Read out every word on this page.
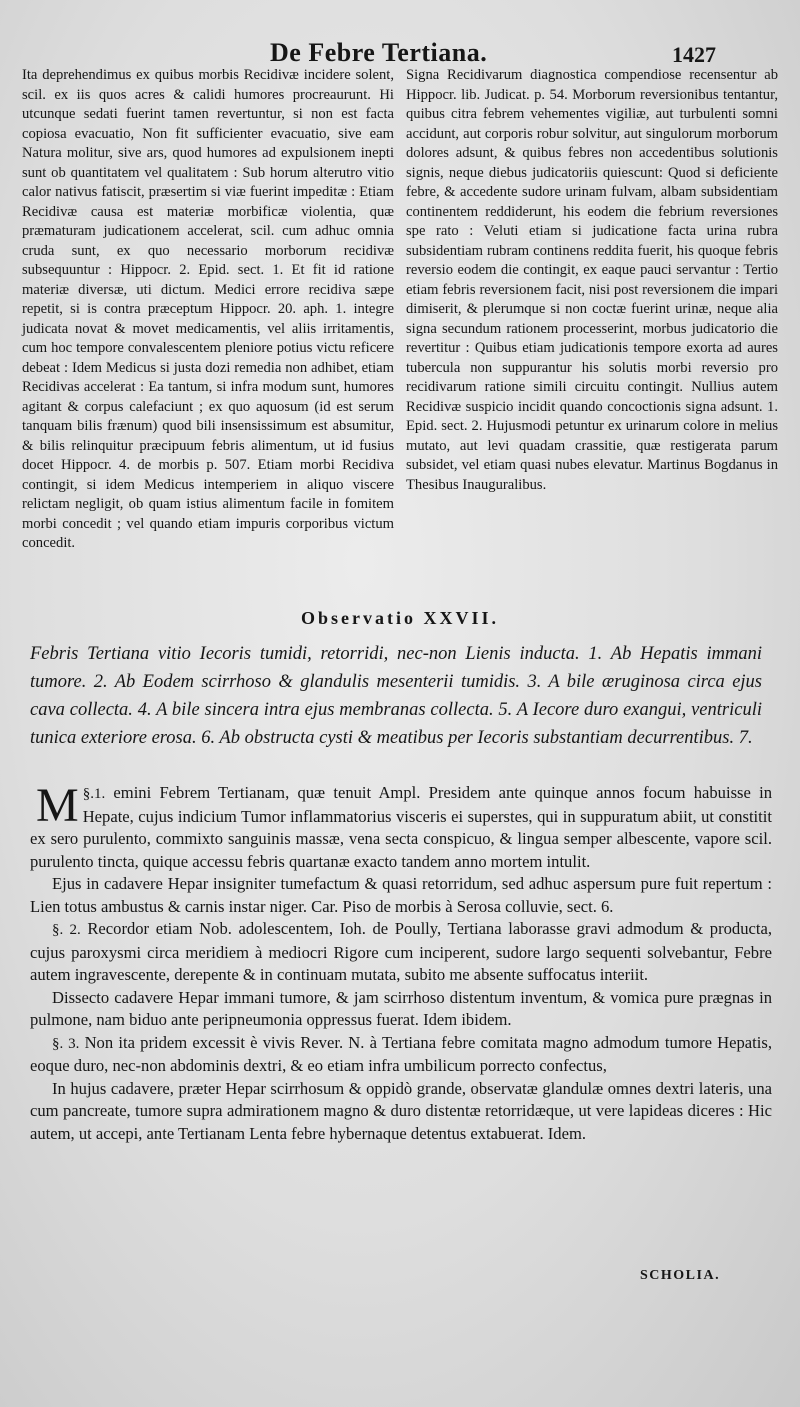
De Febre Tertiana.	1427

Ita deprehendimus ex quibus morbis Recidivæ incidere solent, scil. ex iis quos acres & calidi humores procreaurunt. Hi utcunque sedati fuerint tamen revertuntur, si non est facta copiosa evacuatio, Non fit sufficienter evacuatio, sive eam Natura molitur, sive ars, quod humores ad expulsionem inepti sunt ob quantitatem vel qualitatem : Sub horum alterutro vitio calor nativus fatiscit, præsertim si viæ fuerint impeditæ : Etiam Recidivæ causa est materiæ morbificæ violentia, quæ præmaturam judicationem accelerat, scil. cum adhuc omnia cruda sunt, ex quo necessario morborum recidivæ subsequuntur : Hippocr. 2. Epid. sect. 1. Et fit id ratione materiæ diversæ, uti dictum. Medici errore recidiva sæpe repetit, si is contra præceptum Hippocr. 20. aph. 1. integre judicata novat & movet medicamentis, vel aliis irritamentis, cum hoc tempore convalescentem pleniore potius victu reficere debeat : Idem Medicus si justa dozi remedia non adhibet, etiam Recidivas accelerat : Ea tantum, si infra modum sunt, humores agitant & corpus calefaciunt ; ex quo aquosum (id est serum tanquam bilis frænum) quod bili insensissimum est absumitur, & bilis relinquitur præcipuum febris alimentum, ut id fusius docet Hippocr. 4. de morbis p. 507. Etiam morbi Recidiva contingit, si idem Medicus intemperiem in aliquo viscere relictam negligit, ob quam istius alimentum facile in fomitem morbi concedit ; vel quando etiam impuris corporibus victum concedit.

Signa Recidivarum diagnostica compendiose recensentur ab Hippocr. lib. Judicat. p. 54. Morborum reversionibus tentantur, quibus citra febrem vehementes vigiliæ, aut turbulenti somni accidunt, aut corporis robur solvitur, aut singulorum morborum dolores adsunt, & quibus febres non accedentibus solutionis signis, neque diebus judicatoriis quiescunt: Quod si deficiente febre, & accedente sudore urinam fulvam, albam subsidentiam continentem reddiderunt, his eodem die febrium reversiones spe rato : Veluti etiam si judicatione facta urina rubra subsidentiam rubram continens reddita fuerit, his quoque febris reversio eodem die contingit, ex eaque pauci servantur : Tertio etiam febris reversionem facit, nisi post reversionem die impari dimiserit, & plerumque si non coctæ fuerint urinæ, neque alia signa secundum rationem processerint, morbus judicatorio die revertitur : Quibus etiam judicationis tempore exorta ad aures tubercula non suppurantur his solutis morbi reversio pro recidivarum ratione simili circuitu contingit. Nullius autem Recidivæ suspicio incidit quando concoctionis signa adsunt. 1. Epid. sect. 2. Hujusmodi petuntur ex urinarum colore in melius mutato, aut levi quadam crassitie, quæ restigerata parum subsidet, vel etiam quasi nubes elevatur. Martinus Bogdanus in Thesibus Inauguralibus.

Observatio XXVII.
Febris Tertiana vitio Iecoris tumidi, retorridi, nec-non Lienis inducta. 1. Ab Hepatis immani tumore. 2. Ab Eodem scirrhoso & glandulis mesenterii tumidis. 3. A bile æruginosa circa ejus cava collecta. 4. A bile sincera intra ejus membranas collecta. 5. A Iecore duro exangui, ventriculi tunica exteriore erosa. 6. Ab obstructa cysti & meatibus per Iecoris substantiam decurrentibus. 7.

§.1.
M emini Febrem Tertianam, quæ tenuit Ampl. Presidem ante quinque annos focum habuisse in Hepate, cujus indicium Tumor inflammatorius visceris ei superstes, qui in suppuratum abiit, ut constitit ex sero purulento, commixto sanguinis massæ, vena secta conspicuo, & lingua semper albescente, vapore scil. purulento tincta, quique accessu febris quartanæ exacto tandem anno mortem intulit.

Ejus in cadavere Hepar insigniter tumefactum & quasi retorridum, sed adhuc aspersum pure fuit repertum : Lien totus ambustus & carnis instar niger. Car. Piso de morbis à Serosa colluvie, sect. 6.

§. 2. Recordor etiam Nob. adolescentem, Ioh. de Poully, Tertiana laborasse gravi admodum & producta, cujus paroxysmi circa meridiem à mediocri Rigore cum inciperent, sudore largo sequenti solvebantur, Febre autem ingravescente, derepente & in continuam mutata, subito me absente suffocatus interiit.

Dissecto cadavere Hepar immani tumore, & jam scirrhoso distentum inventum, & vomica pure prægnas in pulmone, nam biduo ante peripneumonia oppressus fuerat. Idem ibidem.

§. 3. Non ita pridem excessit è vivis Rever. N. à Tertiana febre comitata magno admodum tumore Hepatis, eoque duro, nec-non abdominis dextri, & eo etiam infra umbilicum porrecto confectus,

In hujus cadavere, præter Hepar scirrhosum & oppidò grande, observatæ glandulæ omnes dextri lateris, una cum pancreate, tumore supra admirationem magno & duro distentæ retorridæque, ut vere lapideas diceres : Hic autem, ut accepi, ante Tertianam Lenta febre hybernaque detentus extabuerat. Idem.

SCHOLIA.
